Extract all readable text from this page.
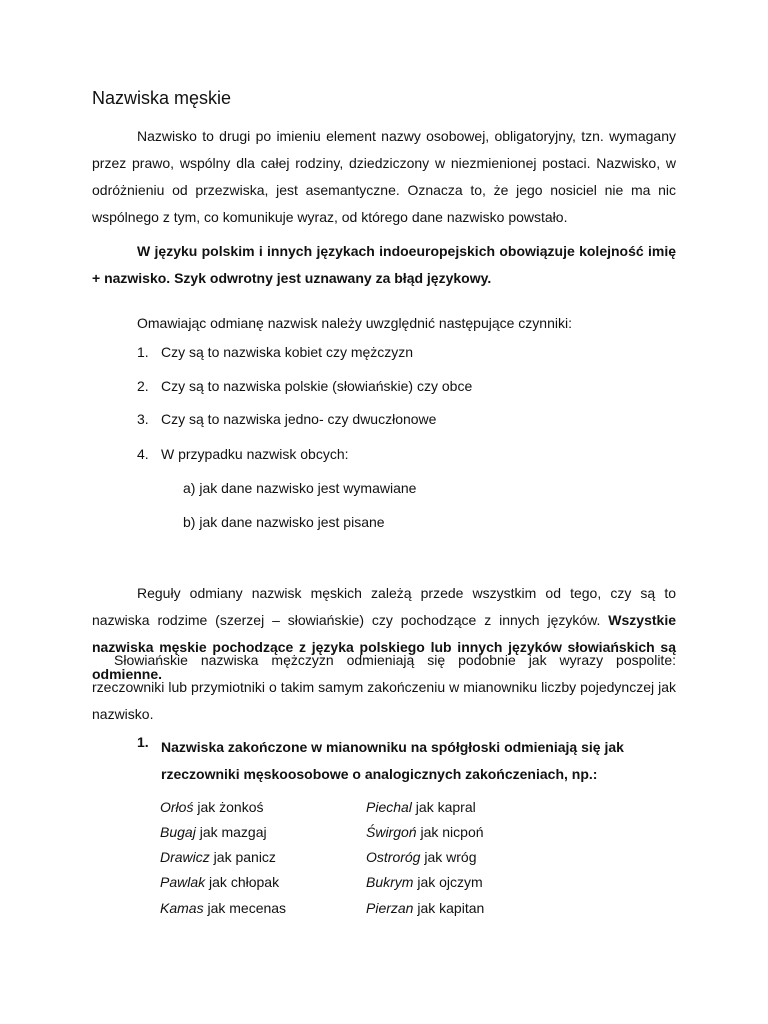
Nazwiska męskie

Nazwisko to drugi po imieniu element nazwy osobowej, obligatoryjny, tzn. wymagany przez prawo, wspólny dla całej rodziny, dziedziczony w niezmienionej postaci. Nazwisko, w odróżnieniu od przezwiska, jest asemantyczne. Oznacza to, że jego nosiciel nie ma nic wspólnego z tym, co komunikuje wyraz, od którego dane nazwisko powstało.

W języku polskim i innych językach indoeuropejskich obowiązuje kolejność imię + nazwisko. Szyk odwrotny jest uznawany za błąd językowy.

Omawiając odmianę nazwisk należy uwzględnić następujące czynniki:

1. Czy są to nazwiska kobiet czy mężczyzn
2. Czy są to nazwiska polskie (słowiańskie) czy obce
3. Czy są to nazwiska jedno- czy dwuczłonowe
4. W przypadku nazwisk obcych:
a) jak dane nazwisko jest wymawiane
b) jak dane nazwisko jest pisane

Reguły odmiany nazwisk męskich zależą przede wszystkim od tego, czy są to nazwiska rodzime (szerzej – słowiańskie) czy pochodzące z innych języków. Wszystkie nazwiska męskie pochodzące z języka polskiego lub innych języków słowiańskich są odmienne.

Słowiańskie nazwiska mężczyzn odmieniają się podobnie jak wyrazy pospolite: rzeczowniki lub przymiotniki o takim samym zakończeniu w mianowniku liczby pojedynczej jak nazwisko.

1. Nazwiska zakończone w mianowniku na spółgłoski odmieniają się jak rzeczowniki męskoosobowe o analogicznych zakończeniach, np.:
Orłoś jak żonkoś
Bugaj jak mazgaj
Drawicz jak panicz
Pawlak jak chłopak
Kamas jak mecenas
Piechal jak kapral
Świrgoń jak nicpoń
Ostroróg jak wróg
Bukrym jak ojczym
Pierzan jak kapitan
